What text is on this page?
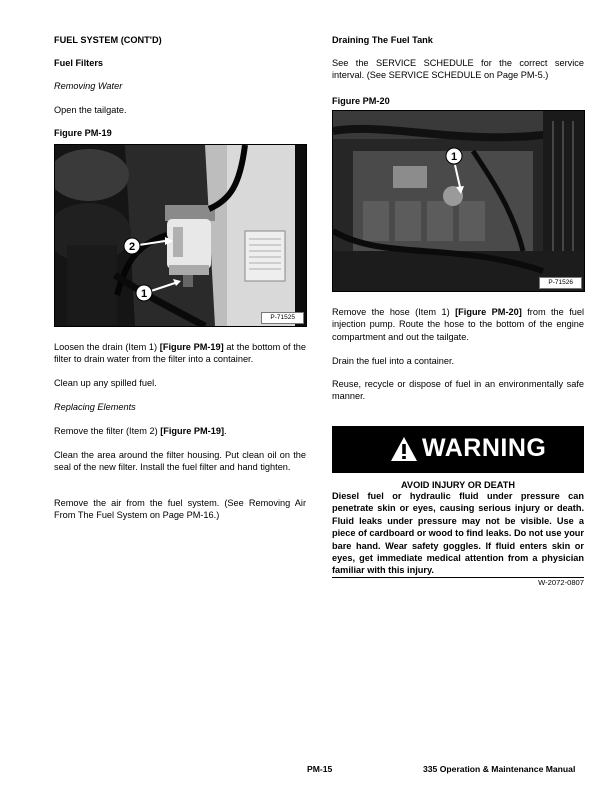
FUEL SYSTEM (CONT'D)

Fuel Filters

Removing Water

Open the tailgate.

Figure PM-19

2
1
P-71525

Loosen the drain (Item 1) [Figure PM-19] at the bottom of the filter to drain water from the filter into a container.

Clean up any spilled fuel.

Replacing Elements

Remove the filter (Item 2) [Figure PM-19].

Clean the area around the filter housing. Put clean oil on the seal of the new filter. Install the fuel filter and hand tighten.

Remove the air from the fuel system. (See Removing Air From The Fuel System on Page PM-16.)

Draining The Fuel Tank

See the SERVICE SCHEDULE for the correct service interval. (See SERVICE SCHEDULE on Page PM-5.)

Figure PM-20

1
P-71526

Remove the hose (Item 1) [Figure PM-20] from the fuel injection pump. Route the hose to the bottom of the engine compartment and out the tailgate.

Drain the fuel into a container.

Reuse, recycle or dispose of fuel in an environmentally safe manner.

WARNING

AVOID INJURY OR DEATH

Diesel fuel or hydraulic fluid under pressure can penetrate skin or eyes, causing serious injury or death. Fluid leaks under pressure may not be visible. Use a piece of cardboard or wood to find leaks. Do not use your bare hand. Wear safety goggles. If fluid enters skin or eyes, get immediate medical attention from a physician familiar with this injury.

W-2072-0807

PM-15	335 Operation & Maintenance Manual
